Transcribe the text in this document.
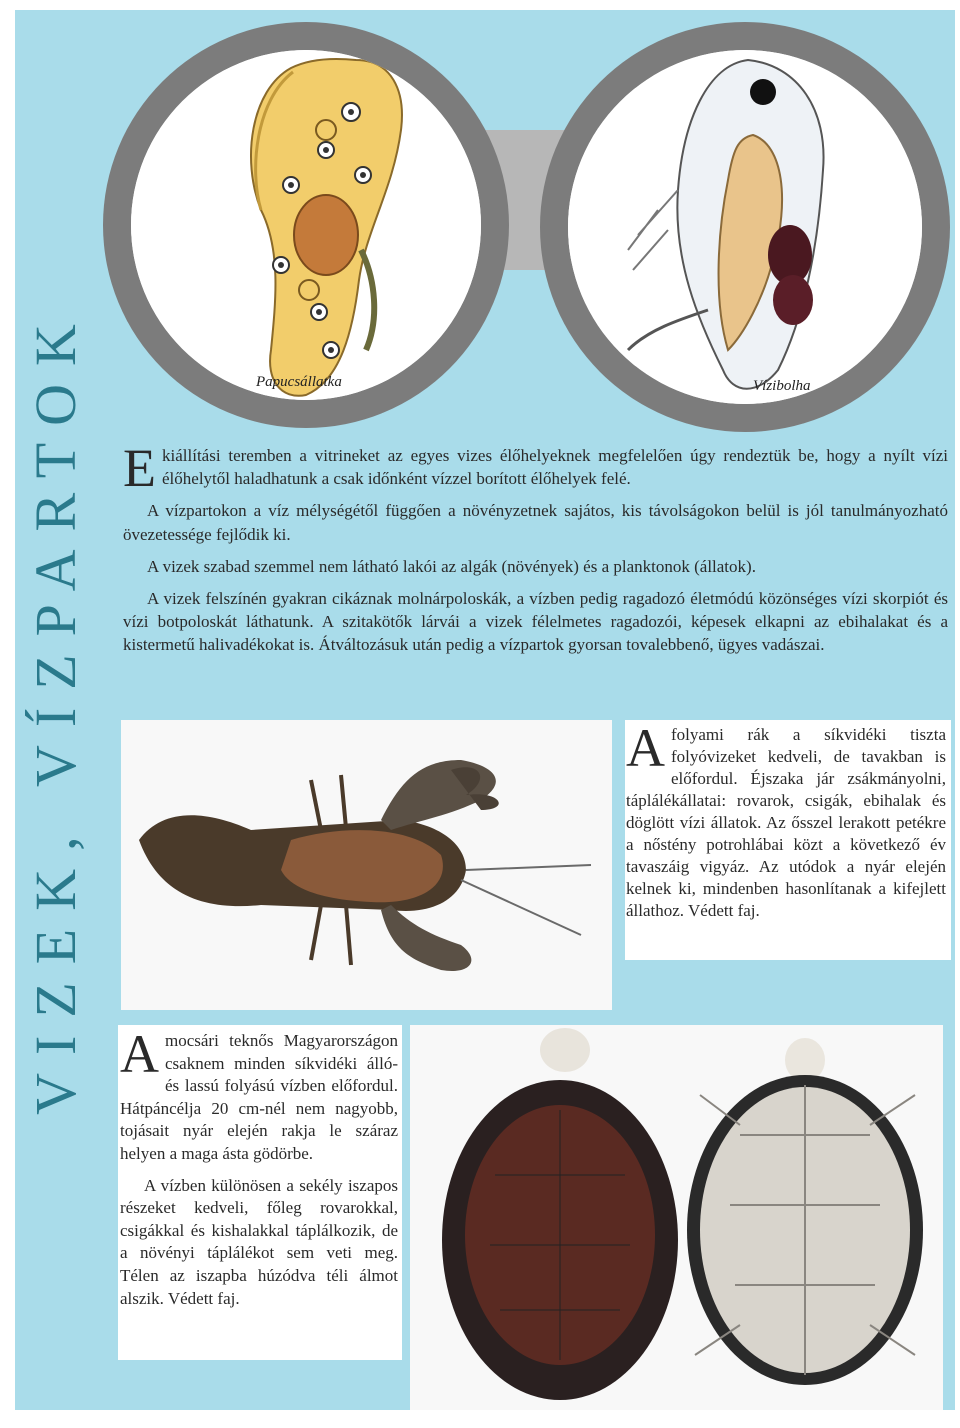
VIZEK, VÍZPARTOK	Papucsállatka	Vízibolha

Ekiállítási teremben a vitrineket az egyes vizes élőhelyeknek megfelelően úgy rendeztük be, hogy a nyílt vízi élőhelytől haladhatunk a csak időnként vízzel borított élőhelyek felé.

A vízpartokon a víz mélységétől függően a növényzetnek sajátos, kis távolságokon belül is jól tanulmányozható övezetessége fejlődik ki.

A vizek szabad szemmel nem látható lakói az algák (növények) és a planktonok (állatok).

A vizek felszínén gyakran cikáznak molnárpoloskák, a vízben pedig ragadozó életmódú közönséges vízi skorpiót és vízi botpoloskát láthatunk. A szitakötők lárvái a vizek félelmetes ragadozói, képesek elkapni az ebihalakat és a kistermetű halivadékokat is. Átváltozásuk után pedig a vízpartok gyorsan tovalebbenő, ügyes vadászai.

Afolyami rák a síkvidéki tiszta folyóvizeket kedveli, de tavakban is előfordul. Éjszaka jár zsákmányolni, táplálékállatai: rovarok, csigák, ebihalak és döglött vízi állatok. Az ősszel lerakott petékre a nőstény potrohlábai közt a következő év tavaszáig vigyáz. Az utódok a nyár elején kelnek ki, mindenben hasonlítanak a kifejlett állathoz. Védett faj.

Amocsári teknős Magyarországon csaknem minden síkvidéki álló- és lassú folyású vízben előfordul. Hátpáncélja 20 cm-nél nem nagyobb, tojásait nyár elején rakja le száraz helyen a maga ásta gödörbe.

A vízben különösen a sekély iszapos részeket kedveli, főleg rovarokkal, csigákkal és kishalakkal táplálkozik, de a növényi táplálékot sem veti meg. Télen az iszapba húzódva téli álmot alszik. Védett faj.
